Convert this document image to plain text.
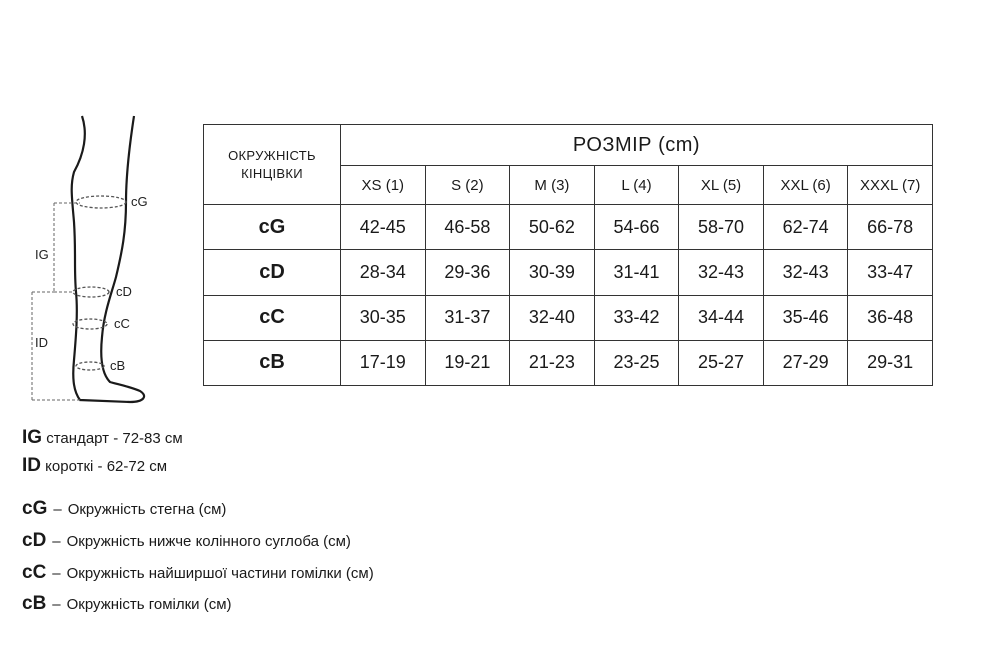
cG
cD
cC
cB
IG
ID
ОКРУЖНІСТЬ
КІНЦІВКИ	РОЗМІР (cm)						
	XS (1)	S (2)	M (3)	L (4)	XL (5)	XXL (6)	XXXL (7)
cG	42-45	46-58	50-62	54-66	58-70	62-74	66-78
cD	28-34	29-36	30-39	31-41	32-43	32-43	33-47
cC	30-35	31-37	32-40	33-42	34-44	35-46	36-48
cB	17-19	19-21	21-23	23-25	25-27	27-29	29-31
IG стандарт - 72-83 см
ID короткі - 62-72 см
cG – Окружність стегна (см)
cD – Окружність нижче колінного суглоба (см)
cC – Окружність найширшої частини гомілки (см)
cB – Окружність гомілки (см)
